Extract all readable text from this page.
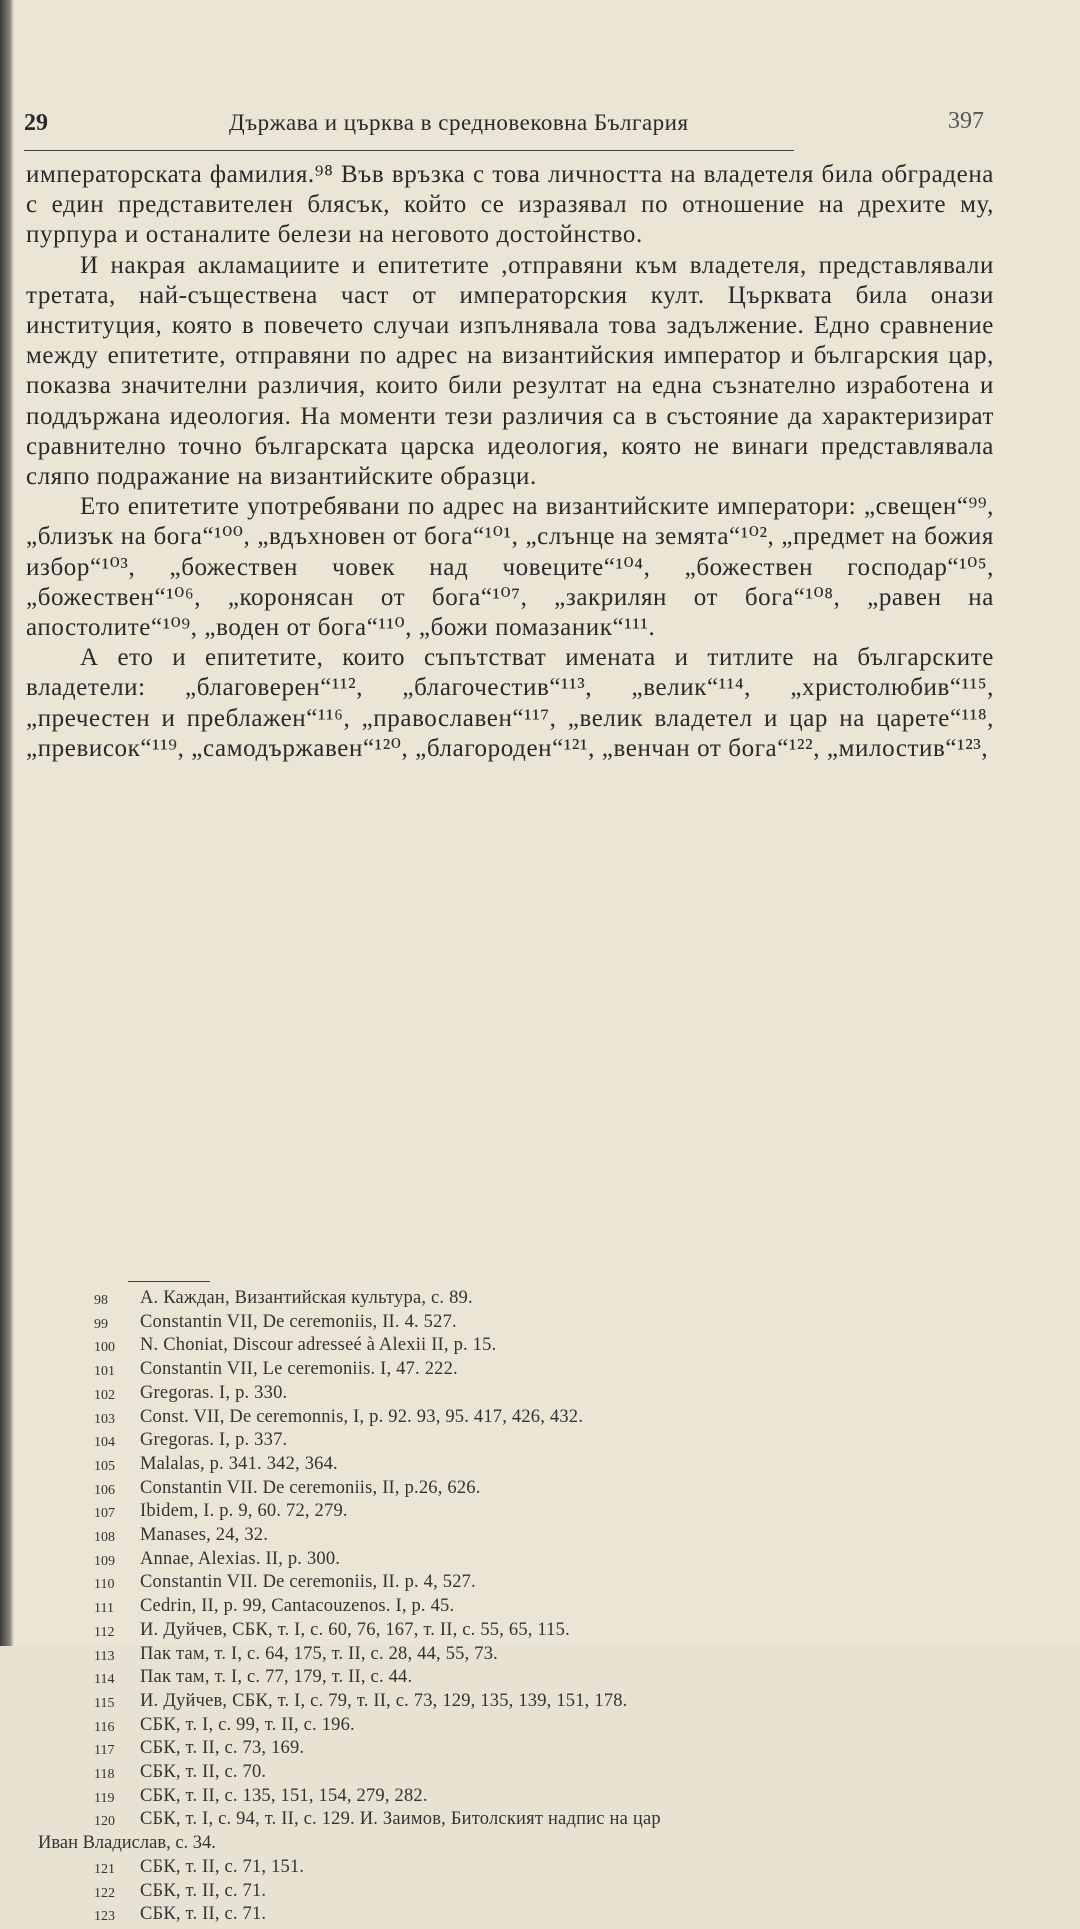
29	Държава и църква в средновековна България	397

императорската фамилия.⁹⁸ Във връзка с това личността на владетеля била обградена с един представителен блясък, който се изразявал по отношение на дрехите му, пурпура и останалите белези на неговото достойнство.

И накрая акламациите и епитетите ,отправяни към владетеля, представлявали третата, най-съществена част от императорския култ. Църквата била онази институция, която в повечето случаи изпълнявала това задължение. Едно сравнение между епитетите, отправяни по адрес на византийския император и българския цар, показва значителни различия, които били резултат на една съзнателно изработена и поддържана идеология. На моменти тези различия са в състояние да характеризират сравнително точно българската царска идеология, която не винаги представлявала сляпо подражание на византийските образци.

Ето епитетите употребявани по адрес на византийските императори: „свещен“⁹⁹, „близък на бога“¹⁰⁰, „вдъхновен от бога“¹⁰¹, „слънце на земята“¹⁰², „предмет на божия избор“¹⁰³, „божествен човек над човеците“¹⁰⁴, „божествен господар“¹⁰⁵, „божествен“¹⁰⁶, „коронясан от бога“¹⁰⁷, „закрилян от бога“¹⁰⁸, „равен на апостолите“¹⁰⁹, „воден от бога“¹¹⁰, „божи помазаник“¹¹¹.

А ето и епитетите, които съпътстват имената и титлите на българските владетели: „благоверен“¹¹², „благочестив“¹¹³, „велик“¹¹⁴, „христолюбив“¹¹⁵, „пречестен и преблажен“¹¹⁶, „православен“¹¹⁷, „велик владетел и цар на царете“¹¹⁸, „превисок“¹¹⁹, „самодържавен“¹²⁰, „благороден“¹²¹, „венчан от бога“¹²², „милостив“¹²³,

98	А. Каждан, Византийская культура, с. 89.
99	Constantin VII, De ceremoniis, II. 4. 527.
100	N. Choniat, Discour adresseé à Alexii II, p. 15.
101	Constantin VII, Le ceremoniis. I, 47. 222.
102	Gregoras. I, p. 330.
103	Const. VII, De ceremonnis, I, p. 92. 93, 95. 417, 426, 432.
104	Gregoras. I, p. 337.
105	Malalas, p. 341. 342, 364.
106	Constantin VII. De ceremoniis, II, p.26, 626.
107	Ibidem, I. p. 9, 60. 72, 279.
108	Manases, 24, 32.
109	Annae, Alexias. II, p. 300.
110	Constantin VII. De ceremoniis, II. p. 4, 527.
111	Cedrin, II, p. 99, Cantacouzenos. I, p. 45.
112	И. Дуйчев, СБК, т. I, с. 60, 76, 167, т. II, с. 55, 65, 115.
113	Пак там, т. I, с. 64, 175, т. II, с. 28, 44, 55, 73.
114	Пак там, т. I, с. 77, 179, т. II, с. 44.
115	И. Дуйчев, СБК, т. I, с. 79, т. II, с. 73, 129, 135, 139, 151, 178.
116	СБК, т. I, с. 99, т. II, с. 196.
117	СБК, т. II, с. 73, 169.
118	СБК, т. II, с. 70.
119	СБК, т. II, с. 135, 151, 154, 279, 282.
120	СБК, т. I, с. 94, т. II, с. 129. И. Заимов, Битолският надпис на цар
Иван Владислав, с. 34.
121	СБК, т. II, с. 71, 151.
122	СБК, т. II, с. 71.
123	СБК, т. II, с. 71.
